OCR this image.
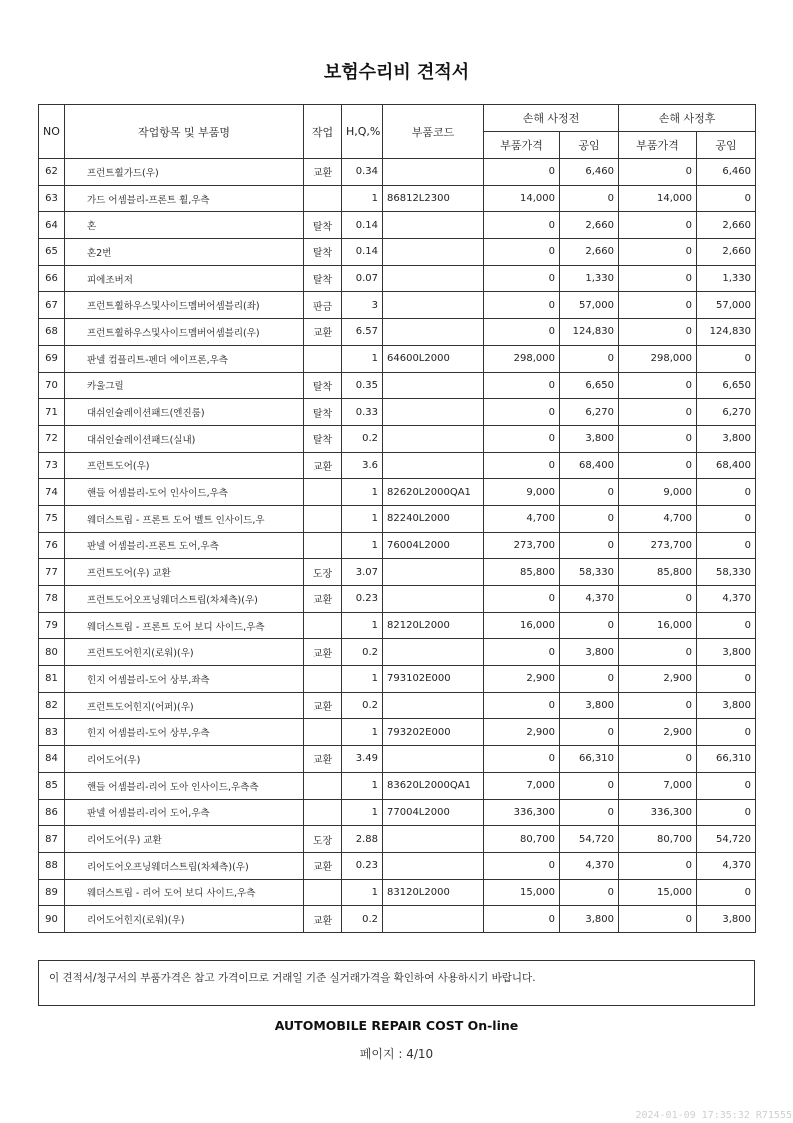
보험수리비 견적서
NO	작업항목 및 부품명	작업	H,Q,%	부품코드	손해 사정전		손해 사정후	
					부품가격	공임	부품가격	공임
62	프런트휠가드(우)	교환	0.34		0	6,460	0	6,460
63	가드 어셈블리-프론트 휠,우측		1	86812L2300	14,000	0	14,000	0
64	혼	탈착	0.14		0	2,660	0	2,660
65	혼2번	탈착	0.14		0	2,660	0	2,660
66	피에조버저	탈착	0.07		0	1,330	0	1,330
67	프런트휠하우스및사이드멤버어셈블리(좌)	판금	3		0	57,000	0	57,000
68	프런트휠하우스및사이드멤버어셈블리(우)	교환	6.57		0	124,830	0	124,830
69	판넬 컴플리트-펜더 에이프론,우측		1	64600L2000	298,000	0	298,000	0
70	카울그릴	탈착	0.35		0	6,650	0	6,650
71	대쉬인슐레이션패드(엔진룸)	탈착	0.33		0	6,270	0	6,270
72	대쉬인슐레이션패드(실내)	탈착	0.2		0	3,800	0	3,800
73	프런트도어(우)	교환	3.6		0	68,400	0	68,400
74	핸들 어셈블리-도어 인사이드,우측		1	82620L2000QA1	9,000	0	9,000	0
75	웨더스트립 - 프론트 도어 벨트 인사이드,우		1	82240L2000	4,700	0	4,700	0
76	판넬 어셈블리-프론트 도어,우측		1	76004L2000	273,700	0	273,700	0
77	프런트도어(우) 교환	도장	3.07		85,800	58,330	85,800	58,330
78	프런트도어오프닝웨더스트립(차체측)(우)	교환	0.23		0	4,370	0	4,370
79	웨더스트립 - 프론트 도어 보디 사이드,우측		1	82120L2000	16,000	0	16,000	0
80	프런트도어힌지(로워)(우)	교환	0.2		0	3,800	0	3,800
81	힌지 어셈블리-도어 상부,좌측		1	793102E000	2,900	0	2,900	0
82	프런트도어힌지(어퍼)(우)	교환	0.2		0	3,800	0	3,800
83	힌지 어셈블리-도어 상부,우측		1	793202E000	2,900	0	2,900	0
84	리어도어(우)	교환	3.49		0	66,310	0	66,310
85	핸들 어셈블리-리어 도아 인사이드,우측측		1	83620L2000QA1	7,000	0	7,000	0
86	판넬 어셈블리-리어 도어,우측		1	77004L2000	336,300	0	336,300	0
87	리어도어(우) 교환	도장	2.88		80,700	54,720	80,700	54,720
88	리어도어오프닝웨더스트립(차체측)(우)	교환	0.23		0	4,370	0	4,370
89	웨더스트립 - 리어 도어 보디 사이드,우측		1	83120L2000	15,000	0	15,000	0
90	리어도어힌지(로워)(우)	교환	0.2		0	3,800	0	3,800
이 견적서/청구서의 부품가격은 참고 가격이므로 거래일 기준 실거래가격을 확인하여 사용하시기 바랍니다.
AUTOMOBILE REPAIR COST On-line
페이지 : 4/10
2024-01-09 17:35:32 R71555
